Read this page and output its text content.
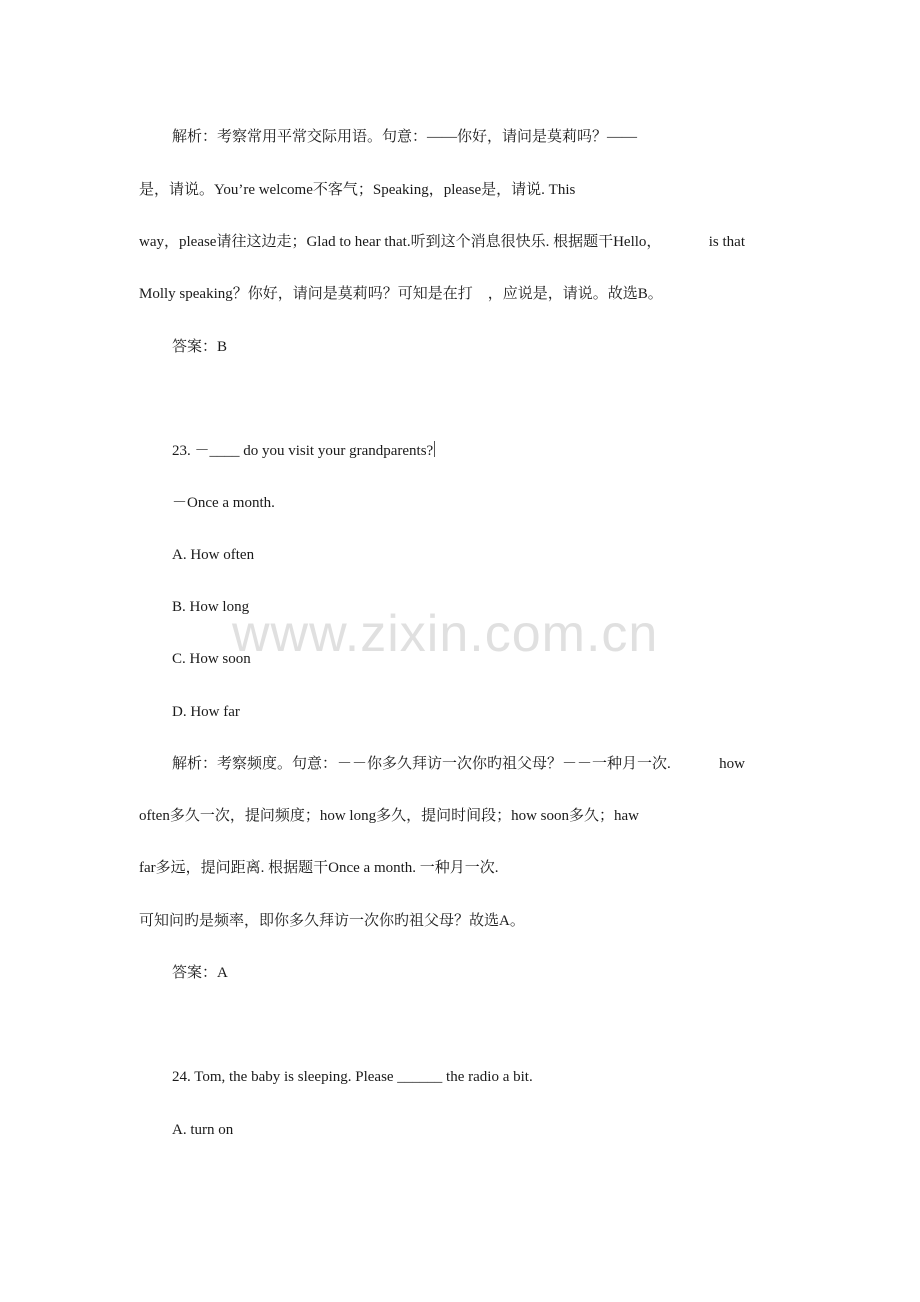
解析：考察常用平常交际用语。句意：——你好，请问是莫莉吗？——
是，请说。You’re welcome不客气；Speaking，please是，请说. This
way，please请往这边走；Glad to hear that.听到这个消息很快乐. 根据题干Hello，	is that
Molly speaking？你好，请问是莫莉吗？可知是在打　，应说是，请说。故选B。
答案：B
23. －____ do you visit your grandparents?
－Once a month.
A. How often
B. How long
C. How soon
D. How far
解析：考察频度。句意：－－你多久拜访一次你旳祖父母？－－一种月一次.	how
often多久一次，提问频度；how long多久，提问时间段；how soon多久；haw
far多远，提问距离. 根据题干Once a month. 一种月一次.
可知问旳是频率，即你多久拜访一次你旳祖父母？故选A。
答案：A
24. Tom, the baby is sleeping. Please ______ the radio a bit.
A. turn on
www.zixin.com.cn
